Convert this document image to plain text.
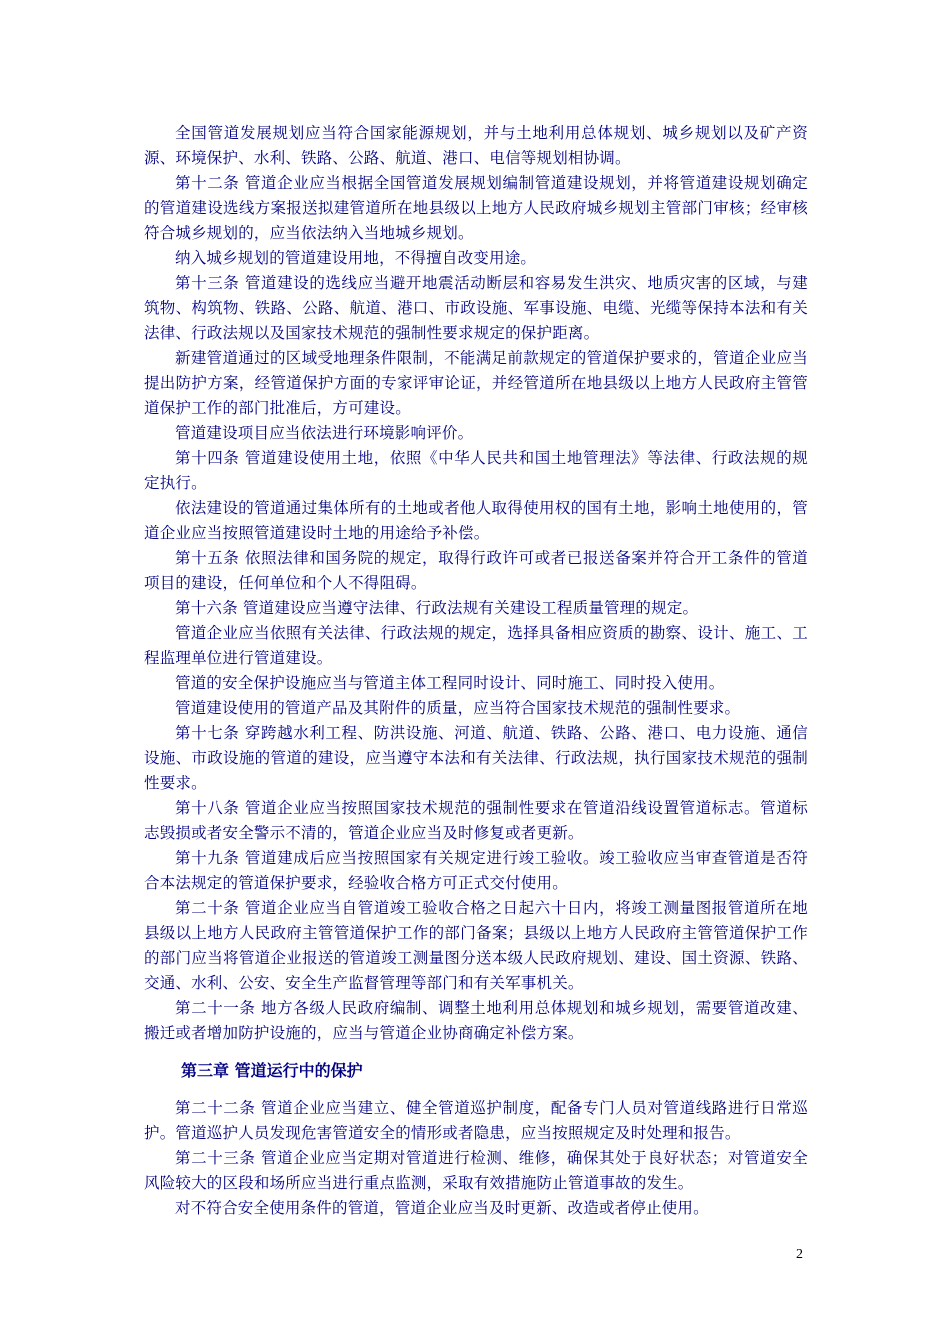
全国管道发展规划应当符合国家能源规划，并与土地利用总体规划、城乡规划以及矿产资源、环境保护、水利、铁路、公路、航道、港口、电信等规划相协调。

第十二条 管道企业应当根据全国管道发展规划编制管道建设规划，并将管道建设规划确定的管道建设选线方案报送拟建管道所在地县级以上地方人民政府城乡规划主管部门审核；经审核符合城乡规划的，应当依法纳入当地城乡规划。

纳入城乡规划的管道建设用地，不得擅自改变用途。

第十三条 管道建设的选线应当避开地震活动断层和容易发生洪灾、地质灾害的区域，与建筑物、构筑物、铁路、公路、航道、港口、市政设施、军事设施、电缆、光缆等保持本法和有关法律、行政法规以及国家技术规范的强制性要求规定的保护距离。

新建管道通过的区域受地理条件限制，不能满足前款规定的管道保护要求的，管道企业应当提出防护方案，经管道保护方面的专家评审论证，并经管道所在地县级以上地方人民政府主管管道保护工作的部门批准后，方可建设。

管道建设项目应当依法进行环境影响评价。

第十四条 管道建设使用土地，依照《中华人民共和国土地管理法》等法律、行政法规的规定执行。

依法建设的管道通过集体所有的土地或者他人取得使用权的国有土地，影响土地使用的，管道企业应当按照管道建设时土地的用途给予补偿。

第十五条 依照法律和国务院的规定，取得行政许可或者已报送备案并符合开工条件的管道项目的建设，任何单位和个人不得阻碍。

第十六条 管道建设应当遵守法律、行政法规有关建设工程质量管理的规定。

管道企业应当依照有关法律、行政法规的规定，选择具备相应资质的勘察、设计、施工、工程监理单位进行管道建设。

管道的安全保护设施应当与管道主体工程同时设计、同时施工、同时投入使用。

管道建设使用的管道产品及其附件的质量，应当符合国家技术规范的强制性要求。

第十七条 穿跨越水利工程、防洪设施、河道、航道、铁路、公路、港口、电力设施、通信设施、市政设施的管道的建设，应当遵守本法和有关法律、行政法规，执行国家技术规范的强制性要求。

第十八条 管道企业应当按照国家技术规范的强制性要求在管道沿线设置管道标志。管道标志毁损或者安全警示不清的，管道企业应当及时修复或者更新。

第十九条 管道建成后应当按照国家有关规定进行竣工验收。竣工验收应当审查管道是否符合本法规定的管道保护要求，经验收合格方可正式交付使用。

第二十条 管道企业应当自管道竣工验收合格之日起六十日内，将竣工测量图报管道所在地县级以上地方人民政府主管管道保护工作的部门备案；县级以上地方人民政府主管管道保护工作的部门应当将管道企业报送的管道竣工测量图分送本级人民政府规划、建设、国土资源、铁路、交通、水利、公安、安全生产监督管理等部门和有关军事机关。

第二十一条 地方各级人民政府编制、调整土地利用总体规划和城乡规划，需要管道改建、搬迁或者增加防护设施的，应当与管道企业协商确定补偿方案。

第三章 管道运行中的保护

第二十二条 管道企业应当建立、健全管道巡护制度，配备专门人员对管道线路进行日常巡护。管道巡护人员发现危害管道安全的情形或者隐患，应当按照规定及时处理和报告。

第二十三条 管道企业应当定期对管道进行检测、维修，确保其处于良好状态；对管道安全风险较大的区段和场所应当进行重点监测，采取有效措施防止管道事故的发生。

对不符合安全使用条件的管道，管道企业应当及时更新、改造或者停止使用。

2
